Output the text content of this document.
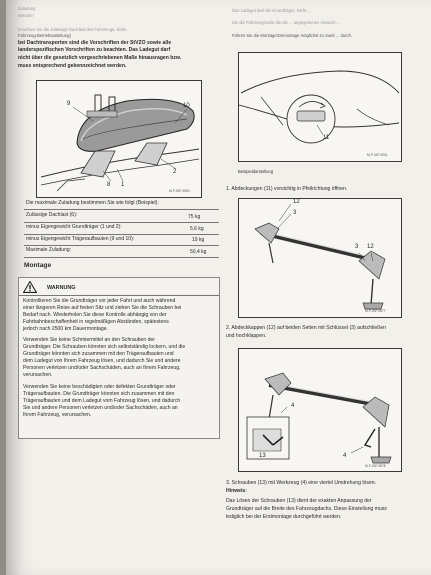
Zuladung
Wenden
beachten Sie die zulässige Dachlast des Fahrzeugs, siehe
Fahrzeug-Betriebsanleitung)
bei Dachtransporten sind die Vorschriften der StVZO sowie alle
landerspezifischen Vorschriften zu beachten. Das Ladegut darf
nicht über die gesetzlich vorgeschriebenen Maße hinausragen bzw.
muss entsprechend gekennzeichnet werden.
9	10
2
8 1
M-P-03F-9500
Die maximale Zuladung bestimmen Sie wie folgt (Beispiel):
Zulässige Dachlast (6):	75 kg
minus Eigengewicht Grundträger (1 und 2):	5,6 kg
minus Eigengewicht Trägeraufbauten (9 und 10):	19 kg
Maximale Zuladung:	50,4 kg
Montage
WARNUNG
Kontrollieren Sie die Grundträger vor jeder Fahrt und auch während
einer längeren Reise auf festen Sitz und ziehen Sie die Schrauben bei
Bedarf nach. Wiederholen Sie diese Kontrolle abhängig von der
Fahrbahnbeschaffenheit in regelmäßigen Abständen, spätestens
jedoch nach 2500 km Dauermontage.
Verwenden Sie keine Schmiermittel an den Schrauben der
Grundträger. Die Schrauben könnten sich selbstständig lockern, und die
Grundträger könnten sich zusammen mit den Trägeraufbauten und
dem Ladegut von Ihrem Fahrzeug lösen, und dadurch Sie und andere
Personen verletzen und/oder Sachschäden, auch an Ihrem Fahrzeug,
verursachen.
Verwenden Sie keine beschädigten oder defekten Grundträger oder
Trägeraufbauten. Die Grundträger könnten sich zusammen mit den
Trägeraufbauten und dem Ladegut vom Fahrzeug lösen, und dadurch
Sie und andere Personen verletzen und/oder Sachschäden, auch an
Ihrem Fahrzeug, verursachen.
Das Ladegut darf die Grundträger, Nicht ...
Sie die Fahrzeugmaße die die ... angegebenen Gewicht ...
Führen Sie die Montage/Demontage möglichst zu zweit ... durch.
11
M-P-03F-9201
Beispieldarstellung
1. Abdeckungen (11) vorsichtig in Pfeilrichtung öffnen.
12
3
3 12
M-P-03F-9877
2. Abdeckkappen (12) auf beiden Seiten mit Schlüssel (3) aufschließen
und hochklappen.
4
13	4
M-P-03F-9878
3. Schrauben (13) mit Werkzeug (4) eine viertel Umdrehung lösen.
Hinweis:
Das Lösen der Schrauben (13) dient der exakten Anpassung der
Grundträger auf die Breite des Fahrzeugdachs. Diese Einstellung muss
lediglich bei der Erstmontage durchgeführt werden.
